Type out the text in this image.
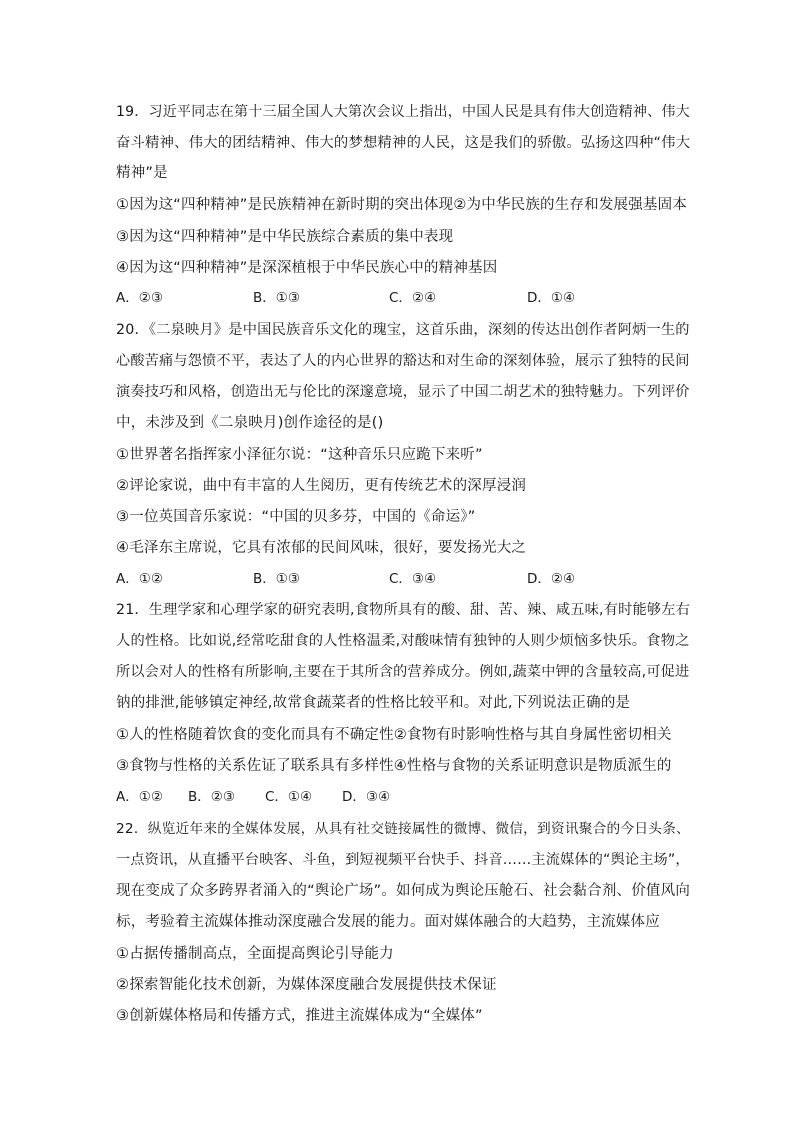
19．习近平同志在第十三届全国人大第次会议上指出，中国人民是具有伟大创造精神、伟大
奋斗精神、伟大的团结精神、伟大的梦想精神的人民，这是我们的骄傲。弘扬这四种“伟大
精神”是
①因为这“四种精神”是民族精神在新时期的突出体现②为中华民族的生存和发展强基固本
③因为这“四种精神”是中华民族综合素质的集中表现
④因为这“四种精神”是深深植根于中华民族心中的精神基因
A．②③	B．①③	C．②④	D．①④
20．《二泉映月》是中国民族音乐文化的瑰宝，这首乐曲，深刻的传达出创作者阿炳一生的
心酸苦痛与怨愤不平，表达了人的内心世界的豁达和对生命的深刻体验，展示了独特的民间
演奏技巧和风格，创造出无与伦比的深邃意境，显示了中国二胡艺术的独特魅力。下列评价
中，未涉及到《二泉映月)创作途径的是()
①世界著名指挥家小泽征尔说：“这种音乐只应跪下来听”
②评论家说，曲中有丰富的人生阅历，更有传统艺术的深厚浸润
③一位英国音乐家说：“中国的贝多芬，中国的《命运》”
④毛泽东主席说，它具有浓郁的民间风味，很好，要发扬光大之
A．①②	B．①③	C．③④	D．②④
21．生理学家和心理学家的研究表明,食物所具有的酸、甜、苦、辣、咸五味,有时能够左右
人的性格。比如说,经常吃甜食的人性格温柔,对酸味情有独钟的人则少烦恼多快乐。食物之
所以会对人的性格有所影响,主要在于其所含的营养成分。例如,蔬菜中钾的含量较高,可促进
钠的排泄,能够镇定神经,故常食蔬菜者的性格比较平和。对此,下列说法正确的是
①人的性格随着饮食的变化而具有不确定性②食物有时影响性格与其自身属性密切相关
③食物与性格的关系佐证了联系具有多样性④性格与食物的关系证明意识是物质派生的
A．①② B．②③ C．①④ D．③④
22．纵览近年来的全媒体发展，从具有社交链接属性的微博、微信，到资讯聚合的今日头条、
一点资讯，从直播平台映客、斗鱼，到短视频平台快手、抖音……主流媒体的“舆论主场”，
现在变成了众多跨界者涌入的“舆论广场”。如何成为舆论压舱石、社会黏合剂、价值风向
标，考验着主流媒体推动深度融合发展的能力。面对媒体融合的大趋势，主流媒体应
①占据传播制高点，全面提高舆论引导能力
②探索智能化技术创新，为媒体深度融合发展提供技术保证
③创新媒体格局和传播方式，推进主流媒体成为“全媒体”
